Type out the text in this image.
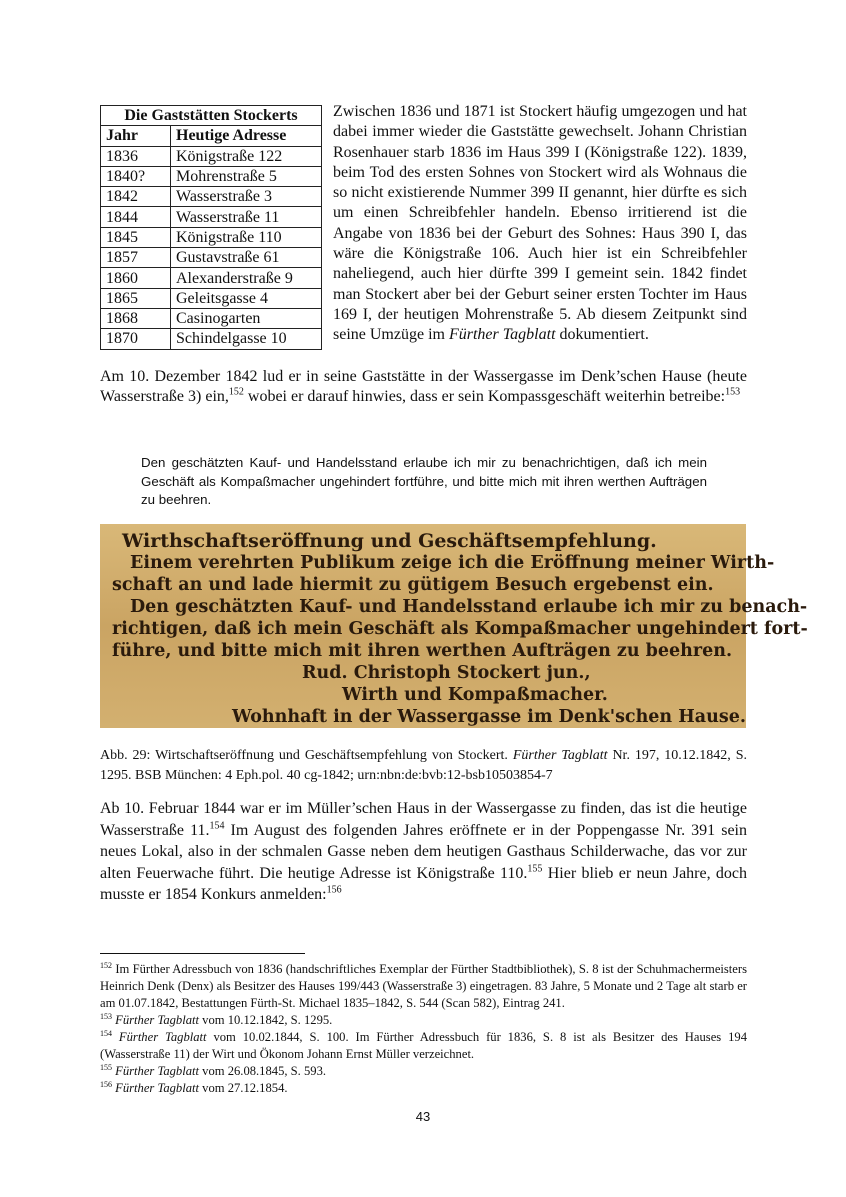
Die Gaststätten Stockerts	
Jahr	Heutige Adresse
1836	Königstraße 122
1840?	Mohrenstraße 5
1842	Wasserstraße 3
1844	Wasserstraße 11
1845	Königstraße 110
1857	Gustavstraße 61
1860	Alexanderstraße 9
1865	Geleitsgasse 4
1868	Casinogarten
1870	Schindelgasse 10
Zwischen 1836 und 1871 ist Stockert häufig umgezogen und hat dabei immer wieder die Gaststätte gewechselt. Johann Christian Rosenhauer starb 1836 im Haus 399 I (Königstraße 122). 1839, beim Tod des ersten Sohnes von Stockert wird als Wohnaus die so nicht existierende Nummer 399 II genannt, hier dürfte es sich um einen Schreibfehler handeln. Ebenso irritierend ist die Angabe von 1836 bei der Geburt des Sohnes: Haus 390 I, das wäre die Königstraße 106. Auch hier ist ein Schreibfehler naheliegend, auch hier dürfte 399 I gemeint sein. 1842 findet man Stockert aber bei der Geburt seiner ersten Tochter im Haus 169 I, der heutigen Mohrenstraße 5. Ab diesem Zeitpunkt sind seine Umzüge im Fürther Tagblatt dokumentiert.
Am 10. Dezember 1842 lud er in seine Gaststätte in der Wassergasse im Denk’schen Hause (heute Wasserstraße 3) ein,$^{152}$ wobei er darauf hinwies, dass er sein Kompassgeschäft weiterhin betreibe:$^{153}$
Den geschätzten Kauf- und Handelsstand erlaube ich mir zu benachrichtigen, daß ich mein Geschäft als Kompaßmacher ungehindert fortführe, und bitte mich mit ihren werthen Aufträgen zu beehren.
Wirthschaftseröffnung und Geschäftsempfehlung.
Einem verehrten Publikum zeige ich die Eröffnung meiner Wirth-
schaft an und lade hiermit zu gütigem Besuch ergebenst ein.
Den geschätzten Kauf- und Handelsstand erlaube ich mir zu benach-
richtigen, daß ich mein Geschäft als Kompaßmacher ungehindert fort-
führe, und bitte mich mit ihren werthen Aufträgen zu beehren.
Rud. Christoph Stockert jun.,
Wirth und Kompaßmacher.
Wohnhaft in der Wassergasse im Denk'schen Hause.
Abb. 29: Wirtschaftseröffnung und Geschäftsempfehlung von Stockert. Fürther Tagblatt Nr. 197, 10.12.1842, S. 1295. BSB München: 4 Eph.pol. 40 cg-1842; urn:nbn:de:bvb:12-bsb10503854-7
Ab 10. Februar 1844 war er im Müller’schen Haus in der Wassergasse zu finden, das ist die heutige Wasserstraße 11.$^{154}$ Im August des folgenden Jahres eröffnete er in der Poppengasse Nr. 391 sein neues Lokal, also in der schmalen Gasse neben dem heutigen Gasthaus Schilderwache, das vor zur alten Feuerwache führt. Die heutige Adresse ist Königstraße 110.$^{155}$ Hier blieb er neun Jahre, doch musste er 1854 Konkurs anmelden:$^{156}$
$^{152}$ Im Fürther Adressbuch von 1836 (handschriftliches Exemplar der Fürther Stadtbibliothek), S. 8 ist der Schuhmachermeisters Heinrich Denk (Denx) als Besitzer des Hauses 199/443 (Wasserstraße 3) eingetragen. 83 Jahre, 5 Monate und 2 Tage alt starb er am 01.07.1842, Bestattungen Fürth-St. Michael 1835–1842, S. 544 (Scan 582), Eintrag 241.
$^{153}$ Fürther Tagblatt vom 10.12.1842, S. 1295.
$^{154}$ Fürther Tagblatt vom 10.02.1844, S. 100. Im Fürther Adressbuch für 1836, S. 8 ist als Besitzer des Hauses 194 (Wasserstraße 11) der Wirt und Ökonom Johann Ernst Müller verzeichnet.
$^{155}$ Fürther Tagblatt vom 26.08.1845, S. 593.
$^{156}$ Fürther Tagblatt vom 27.12.1854.
43
